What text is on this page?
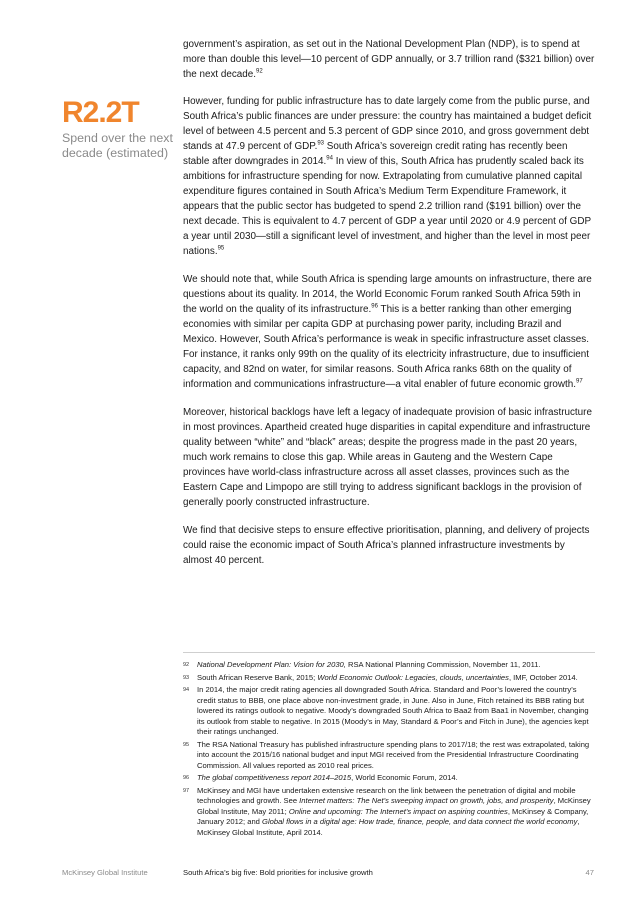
R2.2T
Spend over the next decade (estimated)

government’s aspiration, as set out in the National Development Plan (NDP), is to spend at more than double this level—10 percent of GDP annually, or 3.7 trillion rand ($321 billion) over the next decade.$^{92}$

However, funding for public infrastructure has to date largely come from the public purse, and South Africa’s public finances are under pressure: the country has maintained a budget deficit level of between 4.5 percent and 5.3 percent of GDP since 2010, and gross government debt stands at 47.9 percent of GDP.$^{93}$ South Africa’s sovereign credit rating has recently been stable after downgrades in 2014.94 In view of this, South Africa has prudently scaled back its ambitions for infrastructure spending for now. Extrapolating from cumulative planned capital expenditure figures contained in South Africa’s Medium Term Expenditure Framework, it appears that the public sector has budgeted to spend 2.2 trillion rand ($191 billion) over the next decade. This is equivalent to 4.7 percent of GDP a year until 2020 or 4.9 percent of GDP a year until 2030—still a significant level of investment, and higher than the level in most peer nations.$^{95}$

We should note that, while South Africa is spending large amounts on infrastructure, there are questions about its quality. In 2014, the World Economic Forum ranked South Africa 59th in the world on the quality of its infrastructure.$^{96}$ This is a better ranking than other emerging economies with similar per capita GDP at purchasing power parity, including Brazil and Mexico. However, South Africa’s performance is weak in specific infrastructure asset classes. For instance, it ranks only 99th on the quality of its electricity infrastructure, due to insufficient capacity, and 82nd on water, for similar reasons. South Africa ranks 68th on the quality of information and communications infrastructure—a vital enabler of future economic growth.$^{97}$

Moreover, historical backlogs have left a legacy of inadequate provision of basic infrastructure in most provinces. Apartheid created huge disparities in capital expenditure and infrastructure quality between “white” and “black” areas; despite the progress made in the past 20 years, much work remains to close this gap. While areas in Gauteng and the Western Cape provinces have world-class infrastructure across all asset classes, provinces such as the Eastern Cape and Limpopo are still trying to address significant backlogs in the provision of generally poorly constructed infrastructure.

We find that decisive steps to ensure effective prioritisation, planning, and delivery of projects could raise the economic impact of South Africa’s planned infrastructure investments by almost 40 percent.

92	National Development Plan: Vision for 2030, RSA National Planning Commission, November 11, 2011.
93	South African Reserve Bank, 2015; World Economic Outlook: Legacies, clouds, uncertainties, IMF, October 2014.
94	In 2014, the major credit rating agencies all downgraded South Africa. Standard and Poor’s lowered the country’s credit status to BBB, one place above non-investment grade, in June. Also in June, Fitch retained its BBB rating but lowered its ratings outlook to negative. Moody’s downgraded South Africa to Baa2 from Baa1 in November, changing its outlook from stable to negative. In 2015 (Moody’s in May, Standard & Poor’s and Fitch in June), the agencies kept their ratings unchanged.
95	The RSA National Treasury has published infrastructure spending plans to 2017/18; the rest was extrapolated, taking into account the 2015/16 national budget and input MGI received from the Presidential Infrastructure Coordinating Commission. All values reported as 2010 real prices.
96	The global competitiveness report 2014–2015, World Economic Forum, 2014.
97	McKinsey and MGI have undertaken extensive research on the link between the penetration of digital and mobile technologies and growth. See Internet matters: The Net’s sweeping impact on growth, jobs, and prosperity, McKinsey Global Institute, May 2011; Online and upcoming: The Internet’s impact on aspiring countries, McKinsey & Company, January 2012; and Global flows in a digital age: How trade, finance, people, and data connect the world economy, McKinsey Global Institute, April 2014.
McKinsey Global Institute	South Africa’s big five: Bold priorities for inclusive growth	47
